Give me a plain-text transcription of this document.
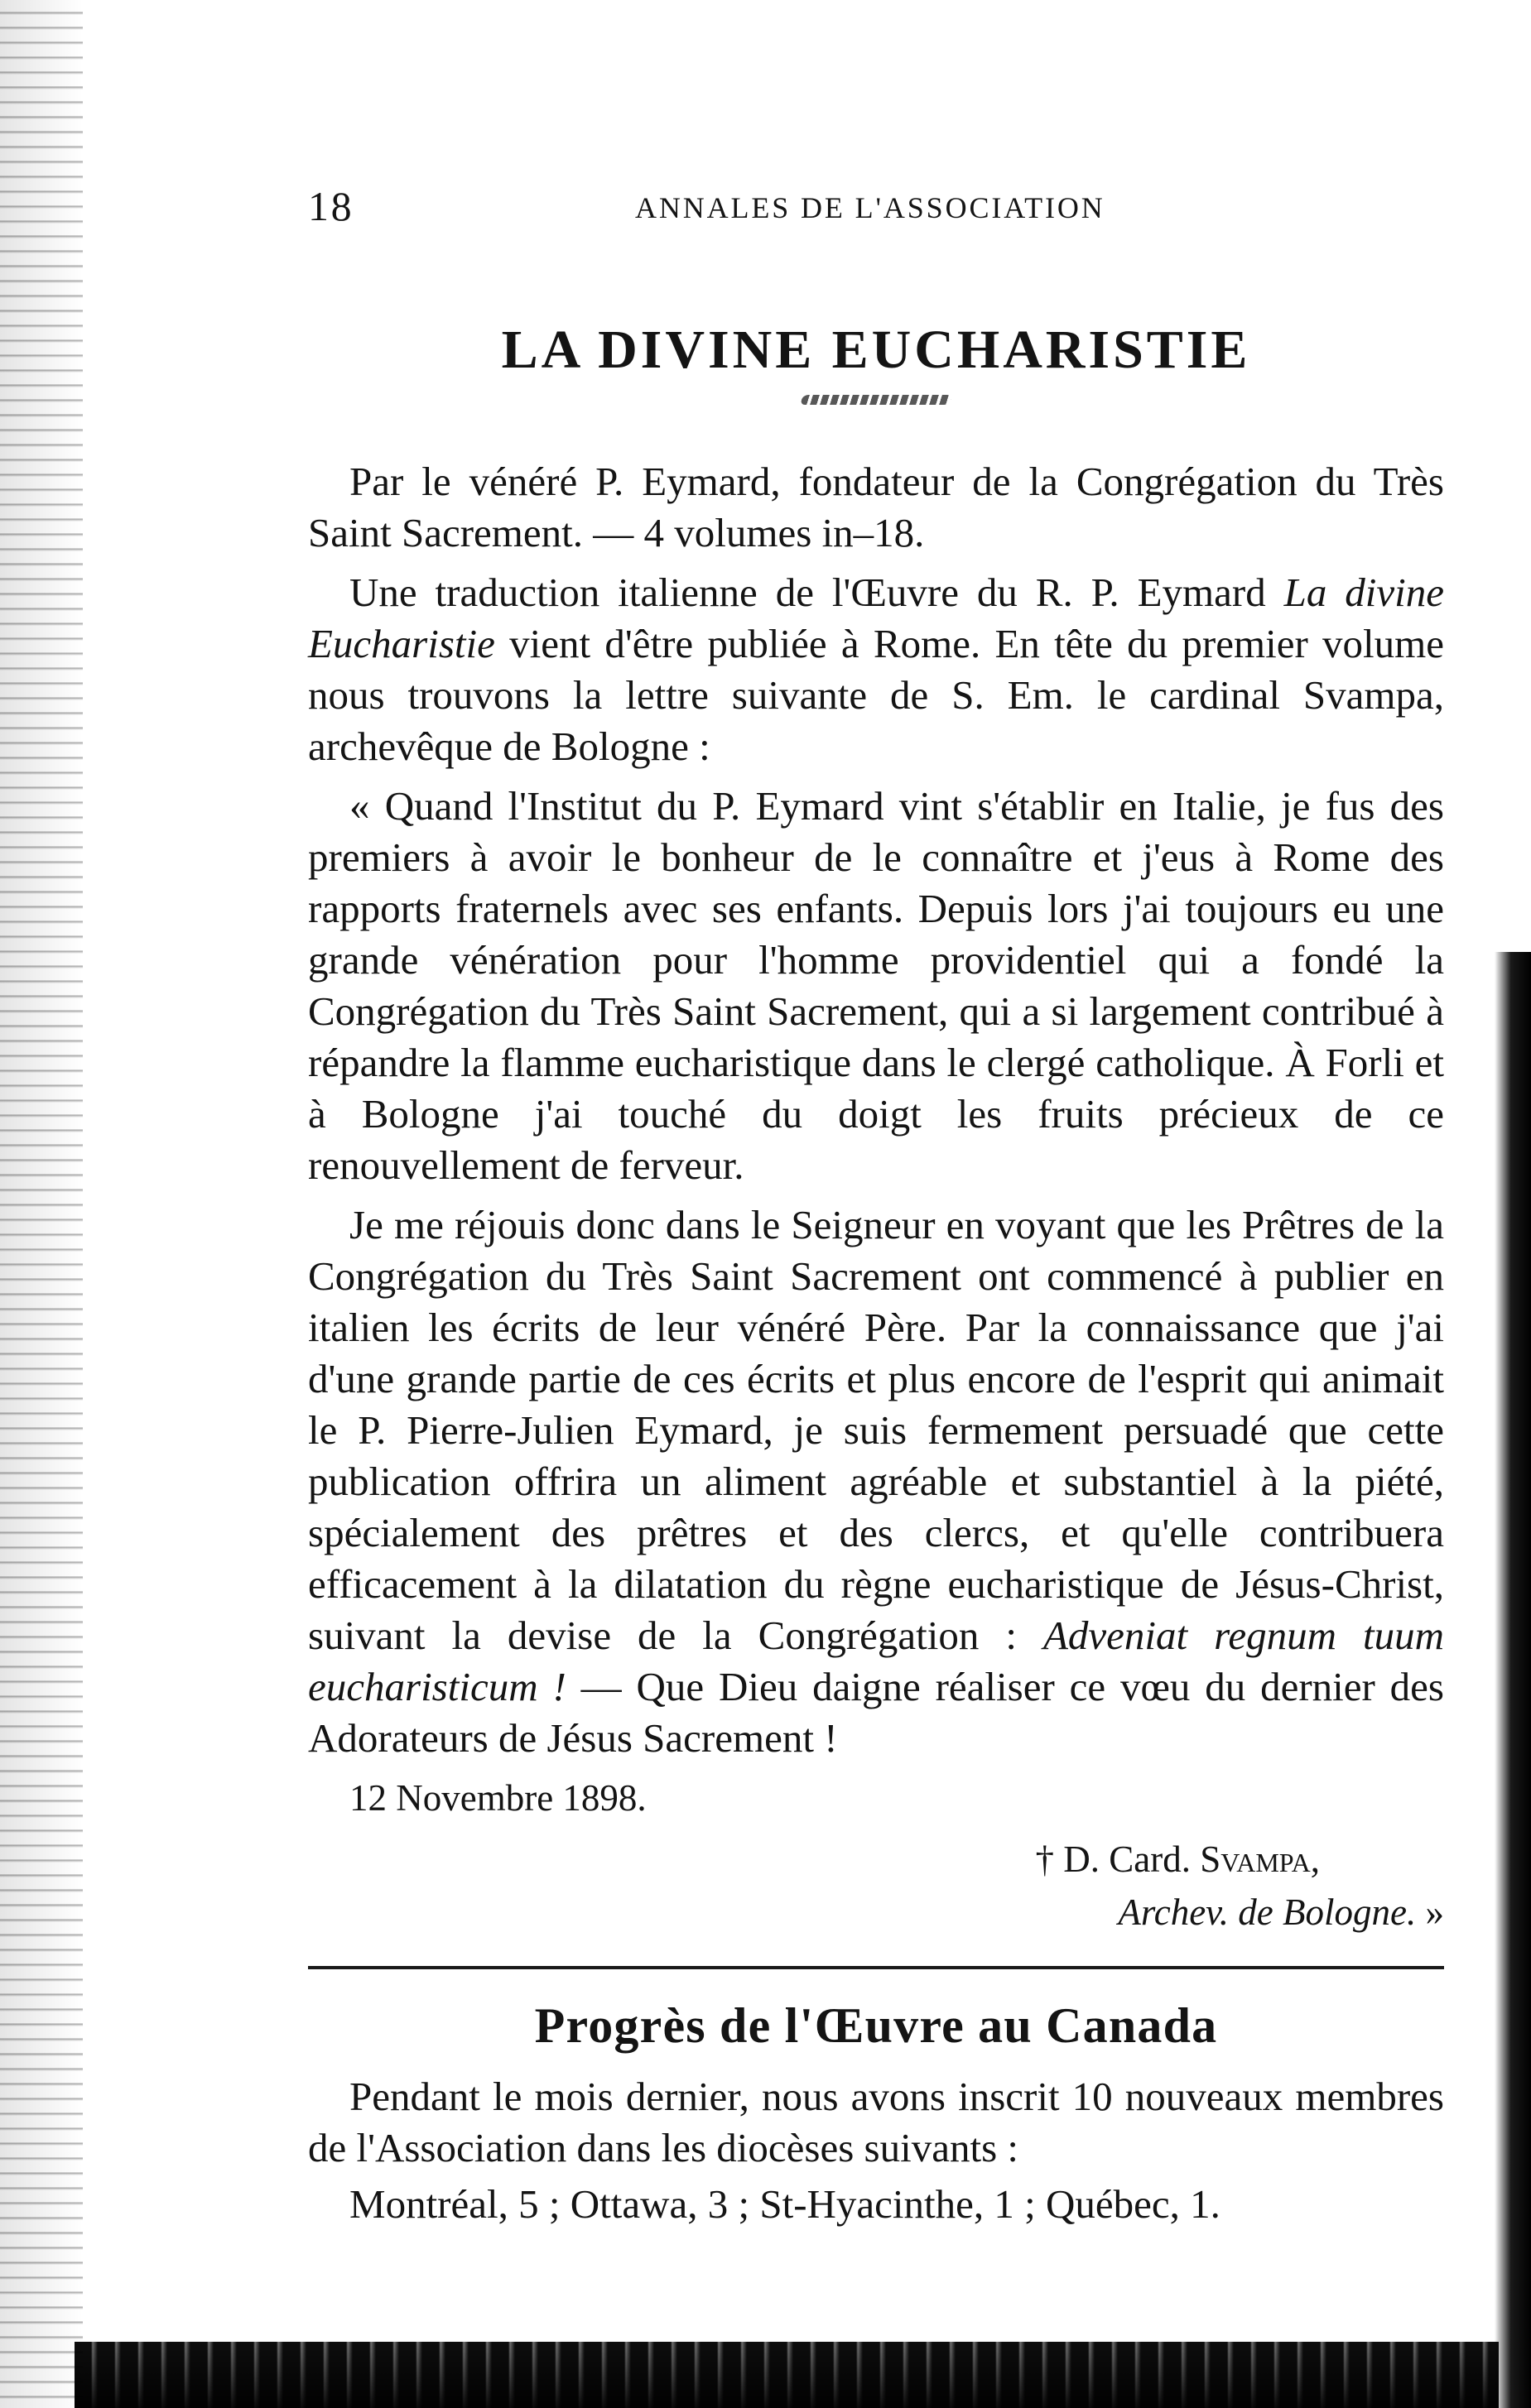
18	ANNALES DE L'ASSOCIATION
LA DIVINE EUCHARISTIE

Par le vénéré P. Eymard, fondateur de la Congrégation du Très Saint Sacrement. — 4 volumes in–18.

Une traduction italienne de l'Œuvre du R. P. Eymard La divine Eucharistie vient d'être publiée à Rome. En tête du premier volume nous trouvons la lettre suivante de S. Em. le cardinal Svampa, archevêque de Bologne :

« Quand l'Institut du P. Eymard vint s'établir en Italie, je fus des premiers à avoir le bonheur de le connaître et j'eus à Rome des rapports fraternels avec ses enfants. Depuis lors j'ai toujours eu une grande vénération pour l'homme providentiel qui a fondé la Congrégation du Très Saint Sacrement, qui a si largement contribué à répandre la flamme eucharistique dans le clergé catholique. À Forli et à Bologne j'ai touché du doigt les fruits précieux de ce renouvellement de ferveur.

Je me réjouis donc dans le Seigneur en voyant que les Prêtres de la Congrégation du Très Saint Sacrement ont commencé à publier en italien les écrits de leur vénéré Père. Par la connaissance que j'ai d'une grande partie de ces écrits et plus encore de l'esprit qui animait le P. Pierre-Julien Eymard, je suis fermement persuadé que cette publication offrira un aliment agréable et substantiel à la piété, spécialement des prêtres et des clercs, et qu'elle contribuera efficacement à la dilatation du règne eucharistique de Jésus-Christ, suivant la devise de la Congrégation : Adveniat regnum tuum eucharisticum ! — Que Dieu daigne réaliser ce vœu du dernier des Adorateurs de Jésus Sacrement !

12 Novembre 1898.
† D. Card. Svampa,
Archev. de Bologne. »
Progrès de l'Œuvre au Canada

Pendant le mois dernier, nous avons inscrit 10 nouveaux membres de l'Association dans les diocèses suivants :

Montréal, 5 ; Ottawa, 3 ; St-Hyacinthe, 1 ; Québec, 1.
